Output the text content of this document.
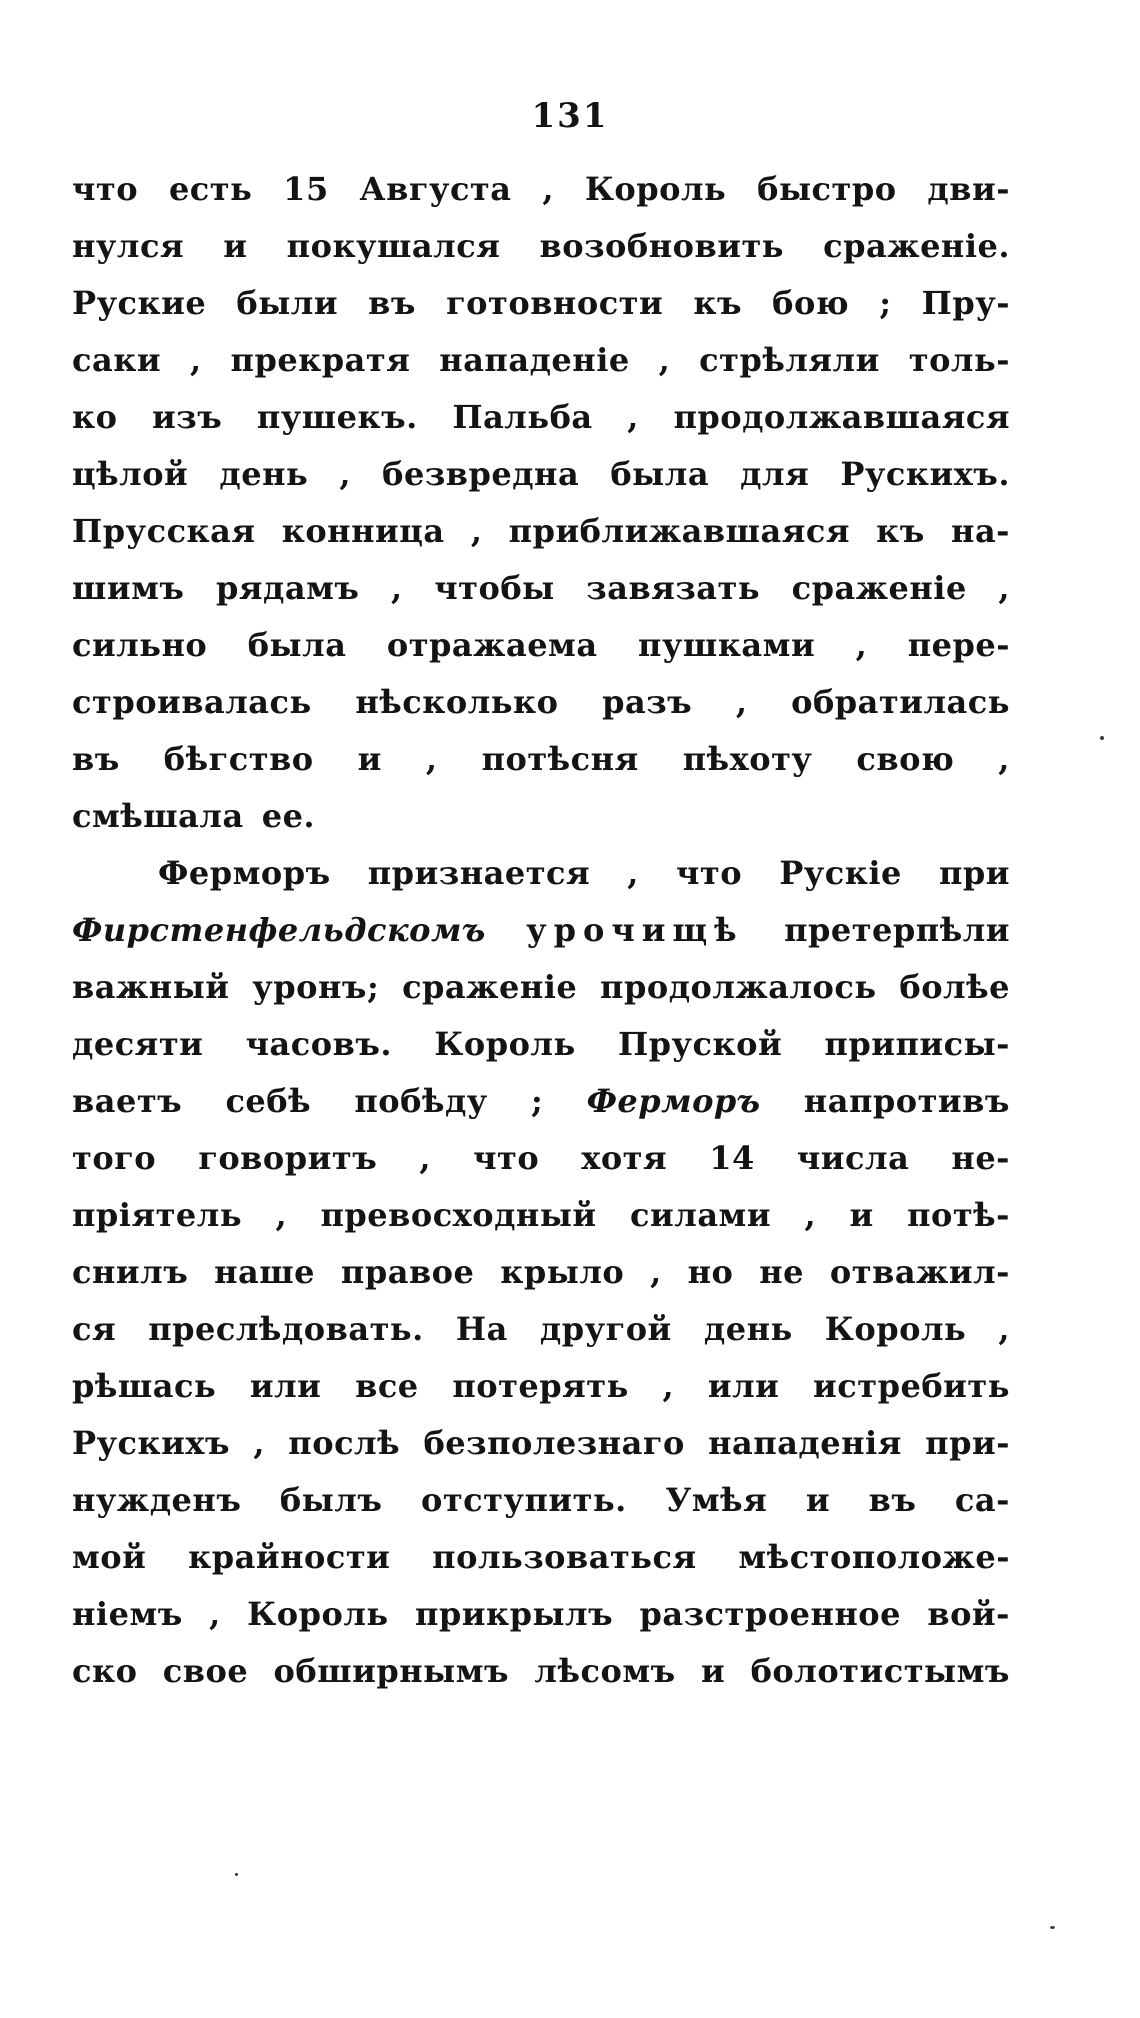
131
что есть 15 Августа , Король быстро дви-
нулся и покушался возобновить сраженіе.
Руские были въ готовности къ бою ; Пру-
саки , прекратя нападеніе , стрѣляли толь-
ко изъ пушекъ. Пальба , продолжавшаяся
цѣлой день , безвредна была для Рускихъ.
Прусская конница , приближавшаяся къ на-
шимъ рядамъ , чтобы завязать сраженіе ,
сильно была отражаема пушками , пере-
строивалась нѣсколько разъ , обратилась
въ бѣгство и , потѣсня пѣхоту свою ,
смѣшала ее.
Ферморъ признается , что Рускіе при
Фирстенфельдскомъ урочищѣ претерпѣли
важный уронъ; сраженіе продолжалось болѣе
десяти часовъ. Король Пруской приписы-
ваетъ себѣ побѣду ; Ферморъ напротивъ
того говоритъ , что хотя 14 числа не-
пріятель , превосходный силами , и потѣ-
снилъ наше правое крыло , но не отважил-
ся преслѣдовать. На другой день Король ,
рѣшась или все потерять , или истребить
Рускихъ , послѣ безполезнаго нападенія при-
нужденъ былъ отступить. Умѣя и въ са-
мой крайности пользоваться мѣстоположе-
ніемъ , Король прикрылъ разстроенное вой-
ско свое обширнымъ лѣсомъ и болотистымъ
